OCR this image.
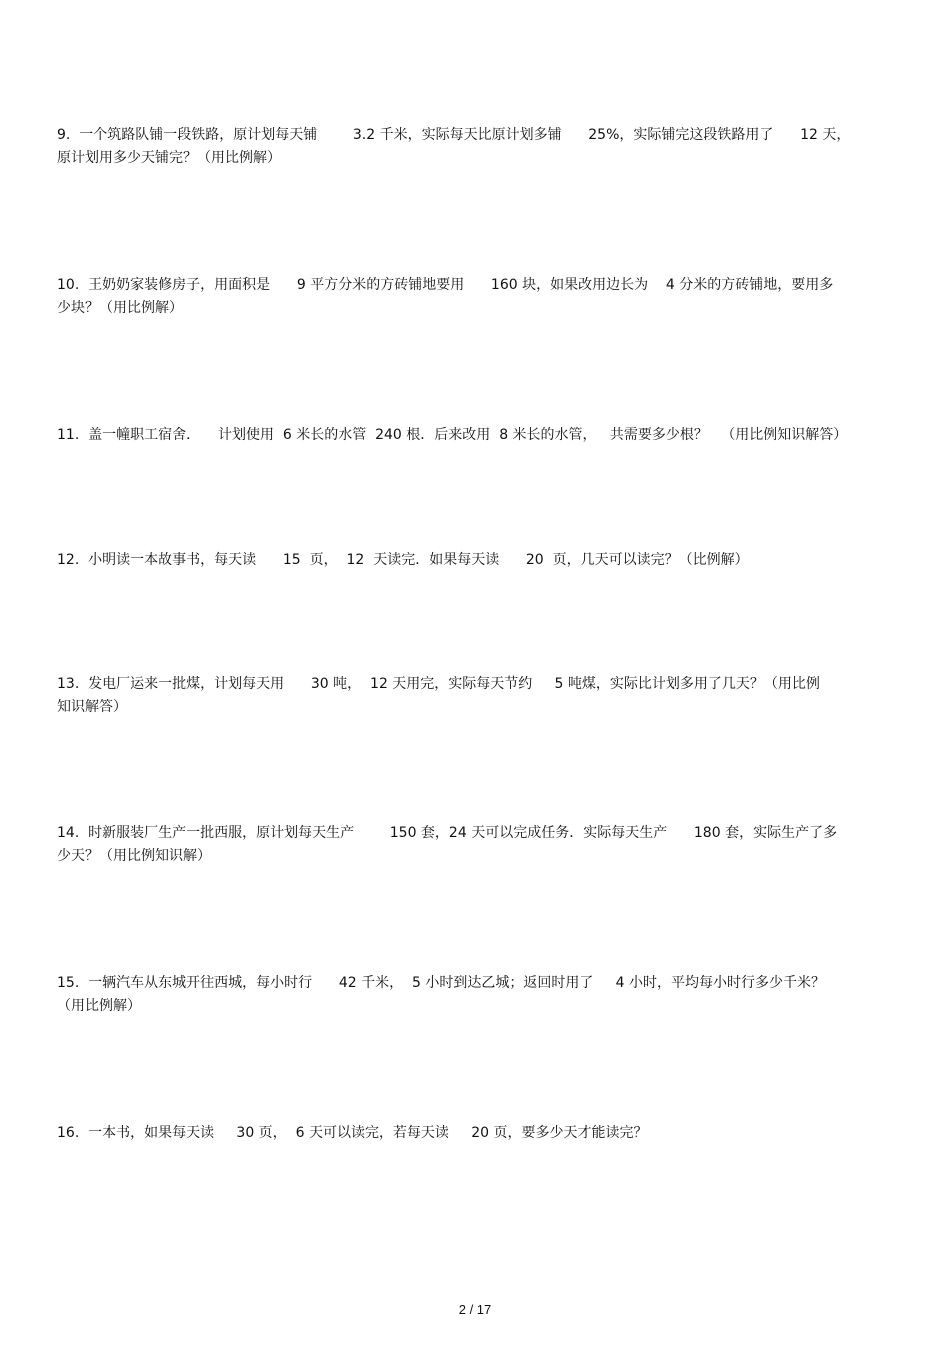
9.  一个筑路队铺一段铁路，原计划每天铺        3.2 千米，实际每天比原计划多铺      25%，实际铺完这段铁路用了      12 天，
原计划用多少天铺完？（用比例解）
10.  王奶奶家装修房子，用面积是      9 平方分米的方砖铺地要用      160 块，如果改用边长为    4 分米的方砖铺地，要用多
少块？（用比例解）
11.  盖一幢职工宿舍．    计划使用  6 米长的水管  240 根．后来改用  8 米长的水管，   共需要多少根？   （用比例知识解答）
12.  小明读一本故事书，每天读      15  页，  12  天读完．如果每天读      20  页，几天可以读完？（比例解）
13.  发电厂运来一批煤，计划每天用      30 吨，  12 天用完，实际每天节约     5 吨煤，实际比计划多用了几天？（用比例
知识解答）
14.  时新服装厂生产一批西服，原计划每天生产        150 套，24 天可以完成任务．实际每天生产      180 套，实际生产了多
少天？（用比例知识解）
15.  一辆汽车从东城开往西城，每小时行      42 千米，  5 小时到达乙城；返回时用了     4 小时，平均每小时行多少千米？
（用比例解）
16.  一本书，如果每天读     30 页，  6 天可以读完，若每天读     20 页，要多少天才能读完？
2 / 17
